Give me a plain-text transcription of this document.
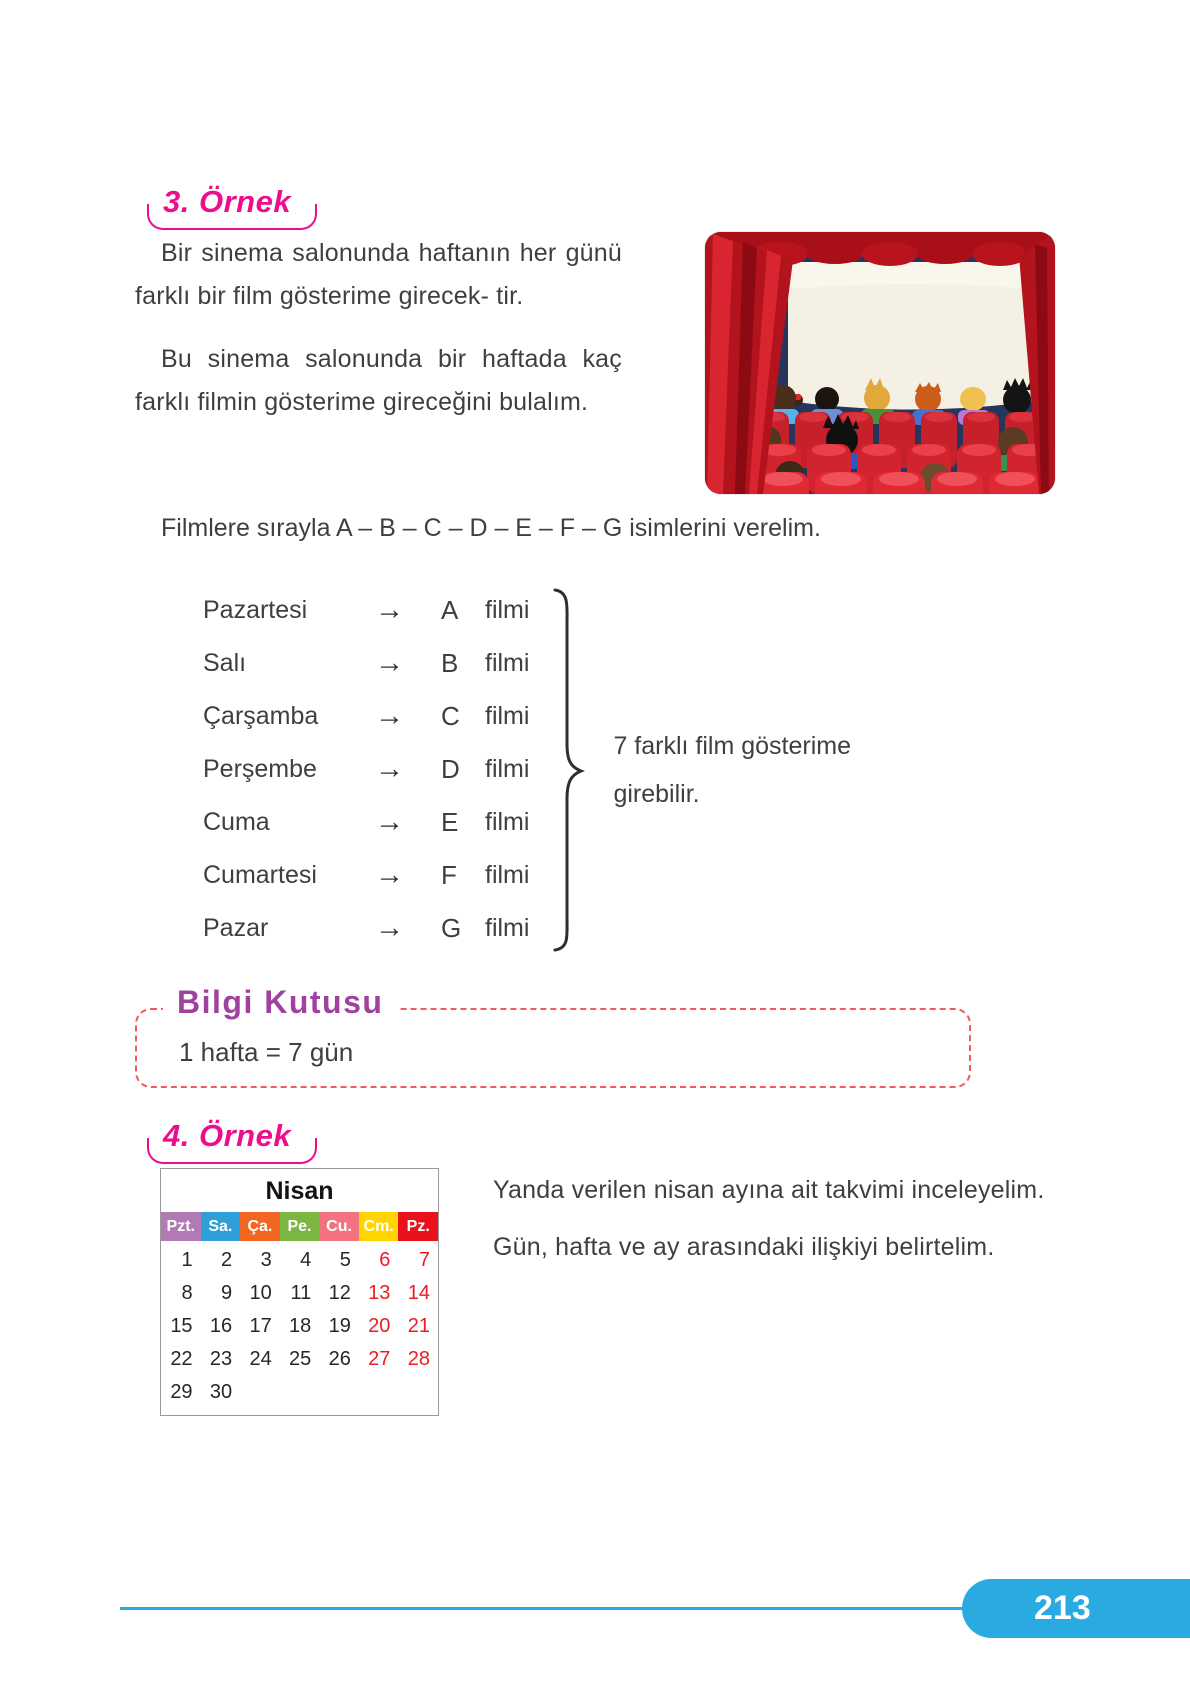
3. Örnek

Bir sinema salonunda haftanın her günü farklı bir film gösterime girecek- tir.

Bu sinema salonunda bir haftada kaç farklı filmin gösterime gireceğini bulalım.

Filmlere sırayla A – B – C – D – E – F – G isimlerini verelim.

Pazartesi	→	A	filmi
Salı	→	B	filmi
Çarşamba	→	C	filmi
Perşembe	→	D	filmi
Cuma	→	E	filmi
Cumartesi	→	F	filmi
Pazar	→	G filmi

7 farklı film gösterime girebilir.

Bilgi Kutusu

1 hafta = 7 gün

4. Örnek
Nisan
Pzt. Sa. Ça. Pe. Cu. Cm. Pz.
1	2	3	4	5	6	7
8	9 10 11 12 13 14
15 16 17 18 19 20 21
22 23 24 25 26 27 28
29 30

Yanda verilen nisan ayına ait takvimi inceleyelim.

Gün, hafta ve ay arasındaki ilişkiyi belirtelim.

213
